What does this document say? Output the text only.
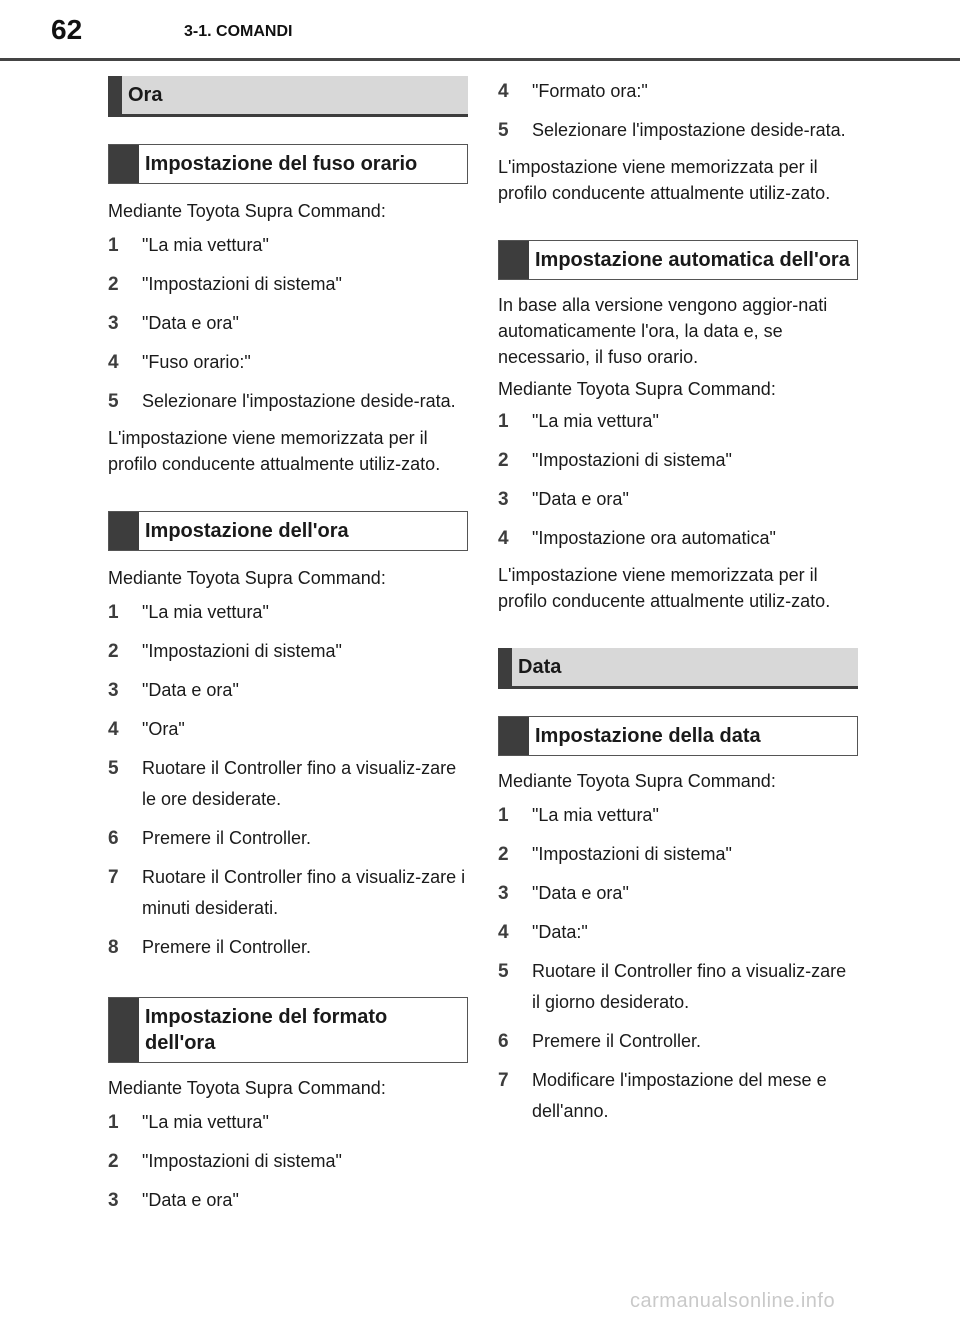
62	3-1. COMANDI
Ora
Impostazione del fuso orario

Mediante Toyota Supra Command:

1	"La mia vettura"
2	"Impostazioni di sistema"
3	"Data e ora"
4	"Fuso orario:"
5	Selezionare l'impostazione deside-rata.

L'impostazione viene memorizzata per il profilo conducente attualmente utiliz-zato.

Impostazione dell'ora

Mediante Toyota Supra Command:

1	"La mia vettura"
2	"Impostazioni di sistema"
3	"Data e ora"
4	"Ora"
5	Ruotare il Controller fino a visualiz-zare le ore desiderate.
6	Premere il Controller.
7	Ruotare il Controller fino a visualiz-zare i minuti desiderati.
8	Premere il Controller.
Impostazione del formato dell'ora

Mediante Toyota Supra Command:

1	"La mia vettura"
2	"Impostazioni di sistema"
3	"Data e ora"
4	"Formato ora:"
5	Selezionare l'impostazione deside-rata.

L'impostazione viene memorizzata per il profilo conducente attualmente utiliz-zato.

Impostazione automatica dell'ora

In base alla versione vengono aggior-nati automaticamente l'ora, la data e, se necessario, il fuso orario.

Mediante Toyota Supra Command:

1	"La mia vettura"
2	"Impostazioni di sistema"
3	"Data e ora"
4	"Impostazione ora automatica"

L'impostazione viene memorizzata per il profilo conducente attualmente utiliz-zato.

Data
Impostazione della data

Mediante Toyota Supra Command:

1	"La mia vettura"
2	"Impostazioni di sistema"
3	"Data e ora"
4	"Data:"
5	Ruotare il Controller fino a visualiz-zare il giorno desiderato.
6	Premere il Controller.
7	Modificare l'impostazione del mese e dell'anno.
carmanualsonline.info
